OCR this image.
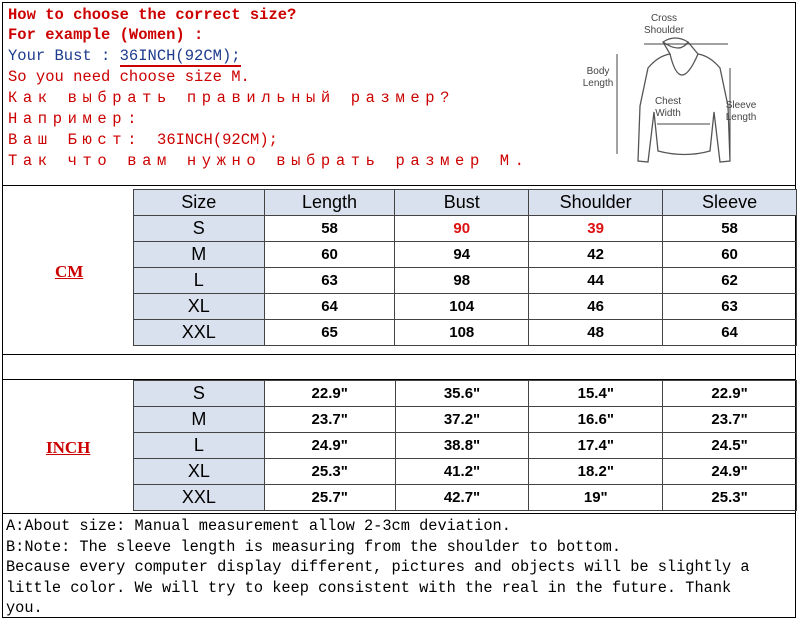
How to choose the correct size?
For example (Women) :
Your Bust : 36INCH(92CM);
So you need choose size M.
Как выбрать правильный размер?
Например:
Ваш Бюст: 36INCH(92CM);
Так что вам нужно выбрать размер М.
Cross
Shoulder
Body
Length
Chest
Width
Sleeve
Length
CM
Size	Length	Bust	Shoulder	Sleeve
S	58	90	39	58
M	60	94	42	60
L	63	98	44	62
XL	64	104	46	63
XXL	65	108	48	64
INCH
S	22.9"	35.6"	15.4"	22.9"
M	23.7"	37.2"	16.6"	23.7"
L	24.9"	38.8"	17.4"	24.5"
XL	25.3"	41.2"	18.2"	24.9"
XXL	25.7"	42.7"	19"	25.3"
A:About size: Manual measurement allow 2-3cm deviation.
B:Note: The sleeve length is measuring from the shoulder to bottom.
Because every computer display different, pictures and objects will be slightly a
little color. We will try to keep consistent with the real in the future. Thank
you.
